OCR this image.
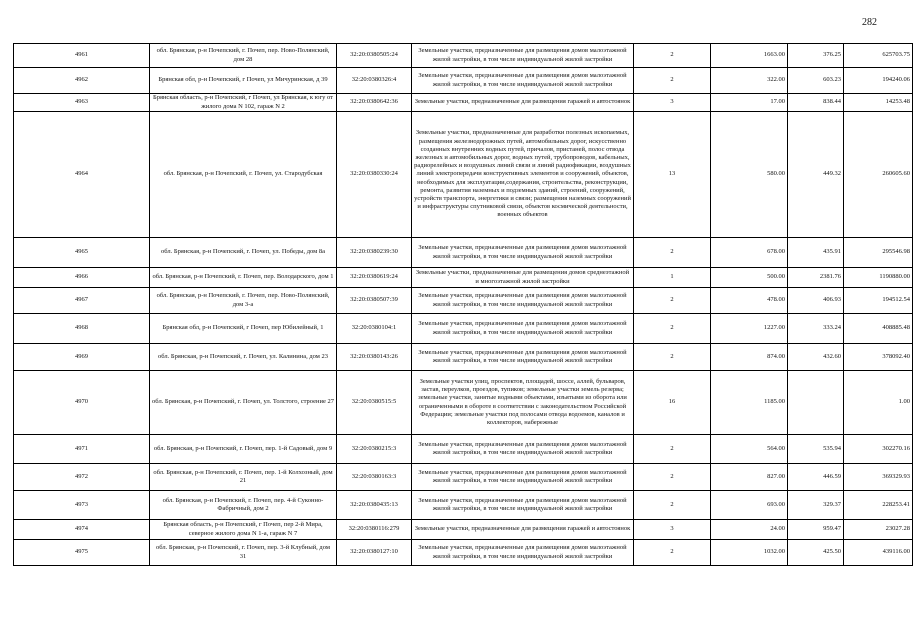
282
4961	обл. Брянская, р-н Почепский, г. Почеп, пер. Ново-Полянский, дом 28	32:20:0380505:24	Земельные участки, предназначенные для размещения домов малоэтажной жилой застройки, в том числе индивидуальной жилой застройки	2	1663.00	376.25	625703.75
4962	Брянская обл, р-н Почепский, г Почеп, ул Мичуринская, д 39	32:20:0380326:4	Земельные участки, предназначенные для размещения домов малоэтажной жилой застройки, в том числе индивидуальной жилой застройки	2	322.00	603.23	194240.06
4963	Брянская область, р-н Почепский, г Почеп, ул Брянская, к югу от жилого дома N 102, гараж N 2	32:20:0380642:36	Земельные участки, предназначенные для размещения гаражей и автостоянок	3	17.00	838.44	14253.48
4964	обл. Брянская, р-н Почепский, г. Почеп, ул. Стародубская	32:20:0380330:24	Земельные участки, предназначенные для разработки полезных ископаемых, размещения железнодорожных путей, автомобильных дорог, искусственно созданных внутренних водных путей, причалов, пристаней, полос отвода железных и автомобильных дорог, водных путей, трубопроводов, кабельных, радиорелейных и воздушных линий связи и линий радиофикации, воздушных линий электропередачи конструктивных элементов и сооружений, объектов, необходимых для эксплуатации,содержания, строительства, реконструкции, ремонта, развития наземных и подземных зданий, строений, сооружений, устройств транспорта, энергетики и связи; размещения наземных сооружений и инфраструктуры спутниковой связи, объектов космической деятельности, военных объектов	13	580.00	449.32	260605.60
4965	обл. Брянская, р-н Почепский, г. Почеп, ул. Победы, дом 8а	32:20:0380239:30	Земельные участки, предназначенные для размещения домов малоэтажной жилой застройки, в том числе индивидуальной жилой застройки	2	678.00	435.91	295546.98
4966	обл. Брянская, р-н Почепский, г. Почеп, пер. Володарского, дом 1	32:20:0380619:24	Земельные участки, предназначенные для размещения домов среднеэтажной и многоэтажной жилой застройки	1	500.00	2381.76	1190880.00
4967	обл. Брянская, р-н Почепский, г. Почеп, пер. Ново-Полянский, дом 3-а	32:20:0380507:39	Земельные участки, предназначенные для размещения домов малоэтажной жилой застройки, в том числе индивидуальной жилой застройки	2	478.00	406.93	194512.54
4968	Брянская обл, р-н Почепский, г Почеп, пер Юбилейный, 1	32:20:0380104:1	Земельные участки, предназначенные для размещения домов малоэтажной жилой застройки, в том числе индивидуальной жилой застройки	2	1227.00	333.24	408885.48
4969	обл. Брянская, р-н Почепский, г. Почеп, ул. Калинина, дом 23	32:20:0380143:26	Земельные участки, предназначенные для размещения домов малоэтажной жилой застройки, в том числе индивидуальной жилой застройки	2	874.00	432.60	378092.40
4970	обл. Брянская, р-н Почепский, г. Почеп, ул. Толстого, строение 27	32:20:0380515:5	Земельные участки улиц, проспектов, площадей, шоссе, аллей, бульваров, застав, переулков, проездов, тупиков; земельные участки земель резерва; земельные участки, занятые водными объектами, изъятыми из оборота или ограниченными в обороте в соответствии с законодательством Российской Федерации; земельные участки под полосами отвода водоемов, каналов и коллекторов, набережные	16	1185.00		1.00
4971	обл. Брянская, р-н Почепский, г. Почеп, пер. 1-й Садовый, дом 9	32:20:0380215:3	Земельные участки, предназначенные для размещения домов малоэтажной жилой застройки, в том числе индивидуальной жилой застройки	2	564.00	535.94	302270.16
4972	обл. Брянская, р-н Почепский, г. Почеп, пер. 1-й Колхозный, дом 21	32:20:0380163:3	Земельные участки, предназначенные для размещения домов малоэтажной жилой застройки, в том числе индивидуальной жилой застройки	2	827.00	446.59	369329.93
4973	обл. Брянская, р-н Почепский, г. Почеп, пер. 4-й Суконно-Фабричный, дом 2	32:20:0380435:13	Земельные участки, предназначенные для размещения домов малоэтажной жилой застройки, в том числе индивидуальной жилой застройки	2	693.00	329.37	228253.41
4974	Брянская область, р-н Почепский, г Почеп, пер 2-й Мира, северное жилого дома N 1-а, гараж N 7	32:20:0380116:279	Земельные участки, предназначенные для размещения гаражей и автостоянок	3	24.00	959.47	23027.28
4975	обл. Брянская, р-н Почепский, г. Почеп, пер. 3-й Клубный, дом 31	32:20:0380127:10	Земельные участки, предназначенные для размещения домов малоэтажной жилой застройки, в том числе индивидуальной жилой застройки	2	1032.00	425.50	439116.00
